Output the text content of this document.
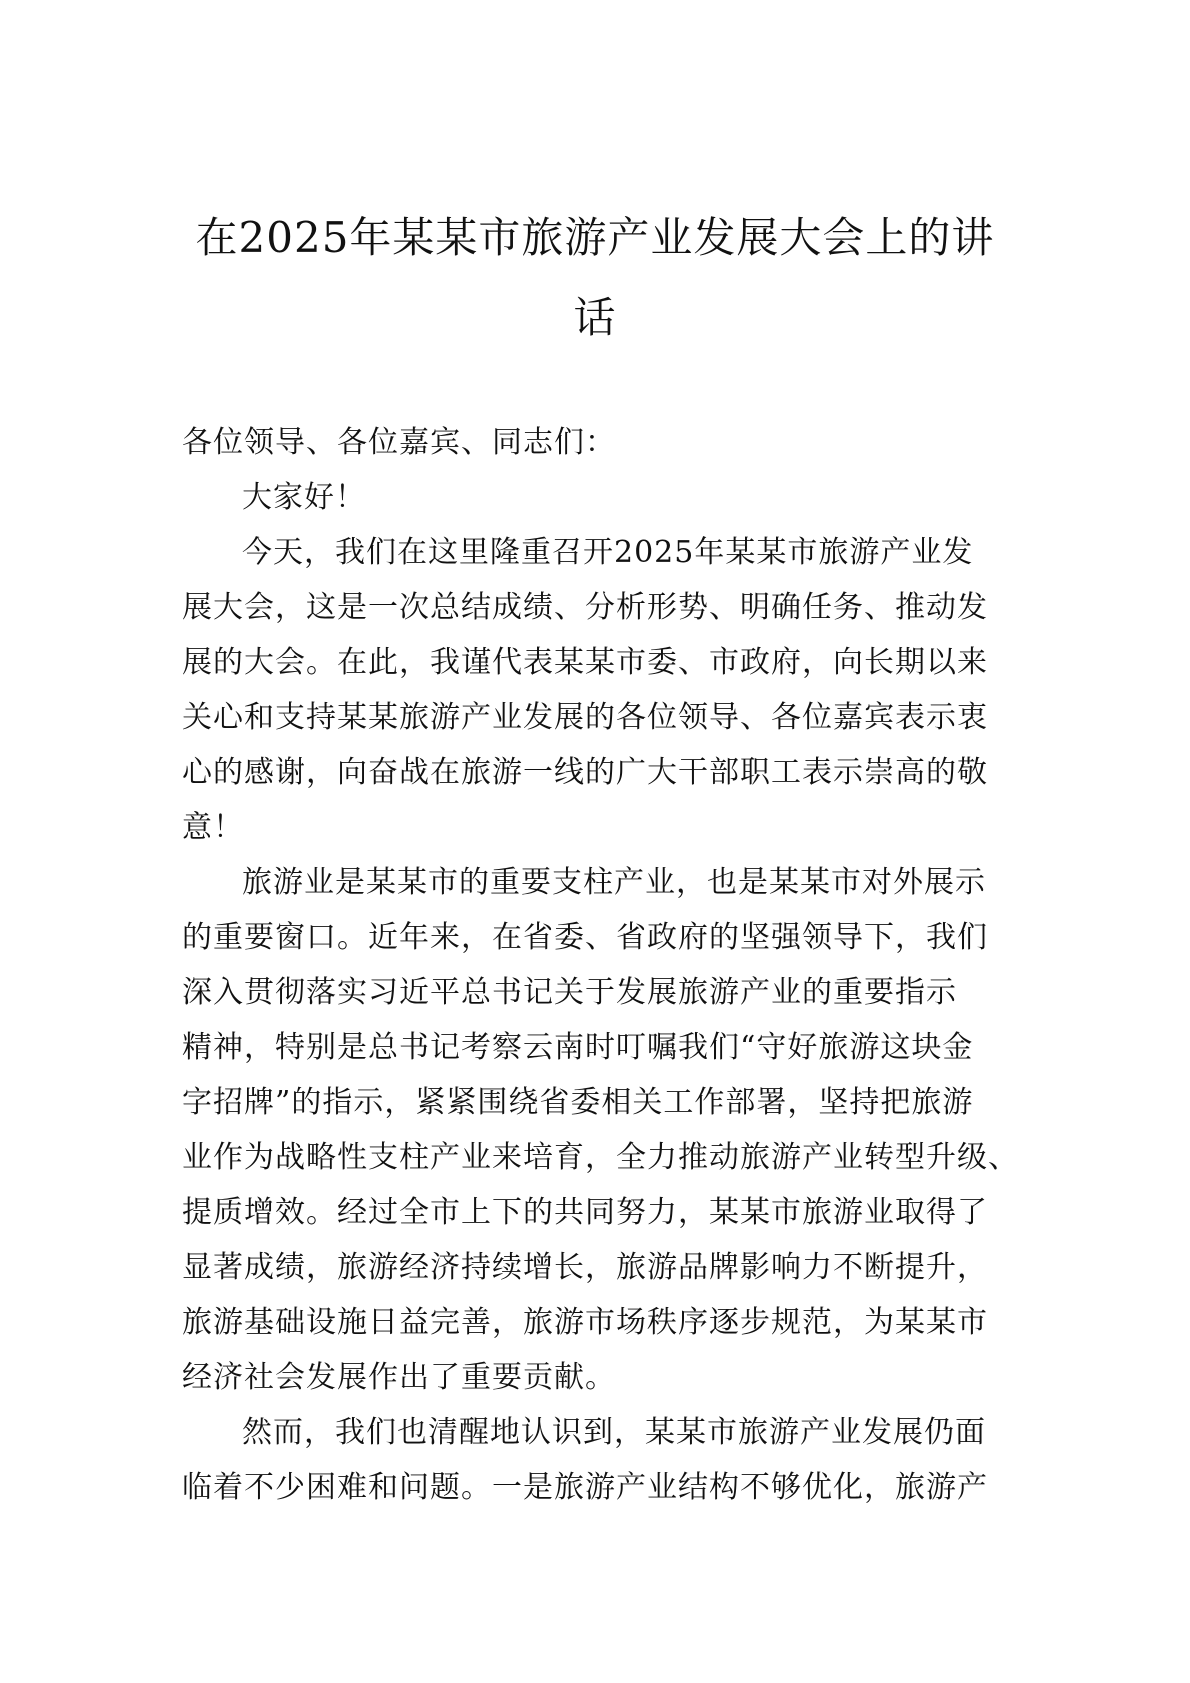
在2025年某某市旅游产业发展大会上的讲
话
各位领导、各位嘉宾、同志们：
大家好！
今天，我们在这里隆重召开2025年某某市旅游产业发
展大会，这是一次总结成绩、分析形势、明确任务、推动发
展的大会。在此，我谨代表某某市委、市政府，向长期以来
关心和支持某某旅游产业发展的各位领导、各位嘉宾表示衷
心的感谢，向奋战在旅游一线的广大干部职工表示崇高的敬
意！
旅游业是某某市的重要支柱产业，也是某某市对外展示
的重要窗口。近年来，在省委、省政府的坚强领导下，我们
深入贯彻落实习近平总书记关于发展旅游产业的重要指示
精神，特别是总书记考察云南时叮嘱我们“守好旅游这块金
字招牌”的指示，紧紧围绕省委相关工作部署，坚持把旅游
业作为战略性支柱产业来培育，全力推动旅游产业转型升级、
提质增效。经过全市上下的共同努力，某某市旅游业取得了
显著成绩，旅游经济持续增长，旅游品牌影响力不断提升，
旅游基础设施日益完善，旅游市场秩序逐步规范，为某某市
经济社会发展作出了重要贡献。
然而，我们也清醒地认识到，某某市旅游产业发展仍面
临着不少困难和问题。一是旅游产业结构不够优化，旅游产
